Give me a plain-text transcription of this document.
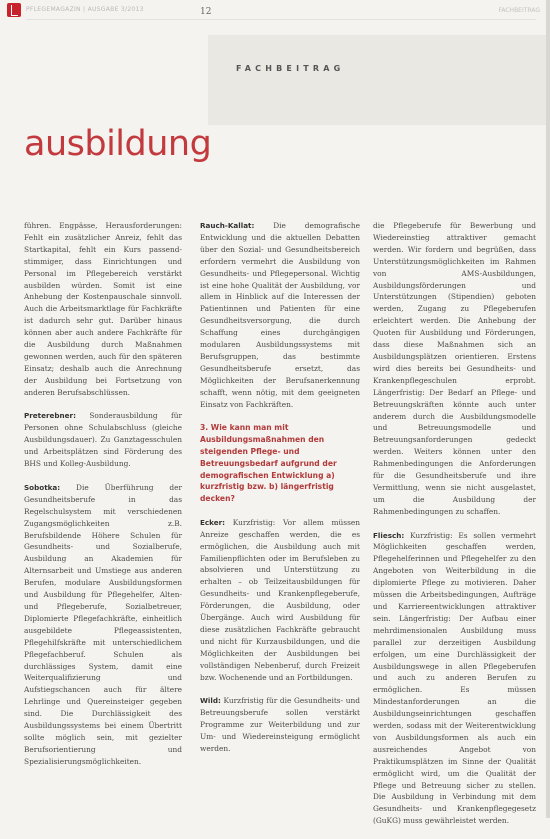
PFLEGEMAGAZIN | AUSGABE 3/2013	12	FACHBEITRAG
FACHBEITRAG
ausbildung

führen. Engpässe, Herausforderungen: Fehlt ein zusätzlicher Anreiz, fehlt das Startkapital, fehlt ein Kurs passend-stimmiger, dass Einrichtungen und Personal im Pflegebereich verstärkt ausbilden würden. Somit ist eine Anhebung der Kostenpauschale sinnvoll. Auch die Arbeitsmarktlage für Fachkräfte ist dadurch sehr gut. Darüber hinaus können aber auch andere Fachkräfte für die Ausbildung durch Maßnahmen gewonnen werden, auch für den späteren Einsatz; deshalb auch die Anrechnung der Ausbildung bei Fortsetzung von anderen Berufsabschlüssen.

Preterebner: Sonderausbildung für Personen ohne Schulabschluss (gleiche Ausbildungsdauer). Zu Ganztagesschulen und Arbeitsplätzen sind Förderung des BHS und Kolleg-Ausbildung.

Sobotka: Die Überführung der Gesundheitsberufe in das Regelschulsystem mit verschiedenen Zugangsmöglichkeiten z.B. Berufsbildende Höhere Schulen für Gesundheits- und Sozialberufe, Ausbildung an Akademien für Alternsarbeit und Umstiege aus anderen Berufen, modulare Ausbildungsformen und Ausbildung für Pflegehelfer, Alten- und Pflegeberufe, Sozialbetreuer, Diplomierte Pflegefachkräfte, einheitlich ausgebildete Pflegeassistenten, Pflegehilfskräfte mit unterschiedlichem Pflegefachberuf. Schulen als durchlässiges System, damit eine Weiterqualifizierung und Aufstiegschancen auch für ältere Lehrlinge und Quereinsteiger gegeben sind. Die Durchlässigkeit des Ausbildungssystems bei einem Übertritt sollte möglich sein, mit gezielter Berufsorientierung und Spezialisierungsmöglichkeiten.

Rauch-Kallat:	Die demografische Entwicklung und die aktuellen Debatten über den Sozial- und Gesundheitsbereich erfordern vermehrt die Ausbildung von Gesundheits- und Pflegepersonal. Wichtig ist eine hohe Qualität der Ausbildung, vor allem in Hinblick auf die Interessen der Patientinnen und Patienten für eine Gesundheitsversorgung, die durch Schaffung eines durchgängigen modularen Ausbildungssystems mit Berufsgruppen, das bestimmte Gesundheitsberufe ersetzt, das Möglichkeiten der Berufsanerkennung schafft, wenn nötig, mit dem geeigneten Einsatz von Fachkräften.

3. Wie kann man mit Ausbildungsmaßnahmen den steigenden Pflege- und Betreuungsbedarf aufgrund der demografischen Entwicklung a) kurzfristig bzw. b) längerfristig decken?

Ecker: Kurzfristig: Vor allem müssen Anreize geschaffen werden, die es ermöglichen, die Ausbildung auch mit Familienpflichten oder im Berufsleben zu absolvieren und Unterstützung zu erhalten – ob Teilzeitausbildungen für Gesundheits- und Krankenpflegeberufe, Förderungen, die Ausbildung, oder Übergänge. Auch wird Ausbildung für diese zusätzlichen Fachkräfte gebraucht und nicht für Kurzausbildungen, und die Möglichkeiten der Ausbildungen bei vollständigen Nebenberuf, durch Freizeit bzw. Wochenende und an Fortbildungen.

Wild: Kurzfristig für die Gesundheits- und Betreuungsberufe sollen verstärkt Programme zur Weiterbildung und zur Um- und Wiedereinsteigung ermöglicht werden.

die Pflegeberufe für Bewerbung und Wiedereinstieg attraktiver gemacht werden. Wir fordern und begrüßen, dass Unterstützungsmöglichkeiten im Rahmen von AMS-Ausbildungen, Ausbildungsförderungen und Unterstützungen (Stipendien) geboten werden, Zugang zu Pflegeberufen erleichtert werden. Die Anhebung der Quoten für Ausbildung und Förderungen, dass diese Maßnahmen sich an Ausbildungsplätzen orientieren. Erstens wird dies bereits bei Gesundheits- und Krankenpflegeschulen erprobt. Längerfristig: Der Bedarf an Pflege- und Betreuungskräften könnte auch unter anderem durch die Ausbildungsmodelle und Betreuungsmodelle und Betreuungsanforderungen gedeckt werden. Weiters können unter den Rahmenbedingungen die Anforderungen für die Gesundheitsberufe und ihre Vermittlung, wenn sie nicht ausgelastet, um die Ausbildung der Rahmenbedingungen zu schaffen.

Fliesch: Kurzfristig: Es sollen vermehrt Möglichkeiten geschaffen werden, Pflegehelferinnen und Pflegehelfer zu den Angeboten von Weiterbildung in die diplomierte Pflege zu motivieren. Daher müssen die Arbeitsbedingungen, Aufträge und Karriereentwicklungen attraktiver sein. Längerfristig: Der Aufbau einer mehrdimensionalen Ausbildung muss parallel zur derzeitigen Ausbildung erfolgen, um eine Durchlässigkeit der Ausbildungswege in allen Pflegeberufen und auch zu anderen Berufen zu ermöglichen. Es müssen Mindestanforderungen an die Ausbildungseinrichtungen geschaffen werden, sodass mit der Weiterentwicklung von Ausbildungsformen als auch ein ausreichendes Angebot von Praktikumsplätzen im Sinne der Qualität ermöglicht wird, um die Qualität der Pflege und Betreuung sicher zu stellen. Die Ausbildung in Verbindung mit dem Gesundheits- und Krankenpflegegesetz (GuKG) muss gewährleistet werden.
